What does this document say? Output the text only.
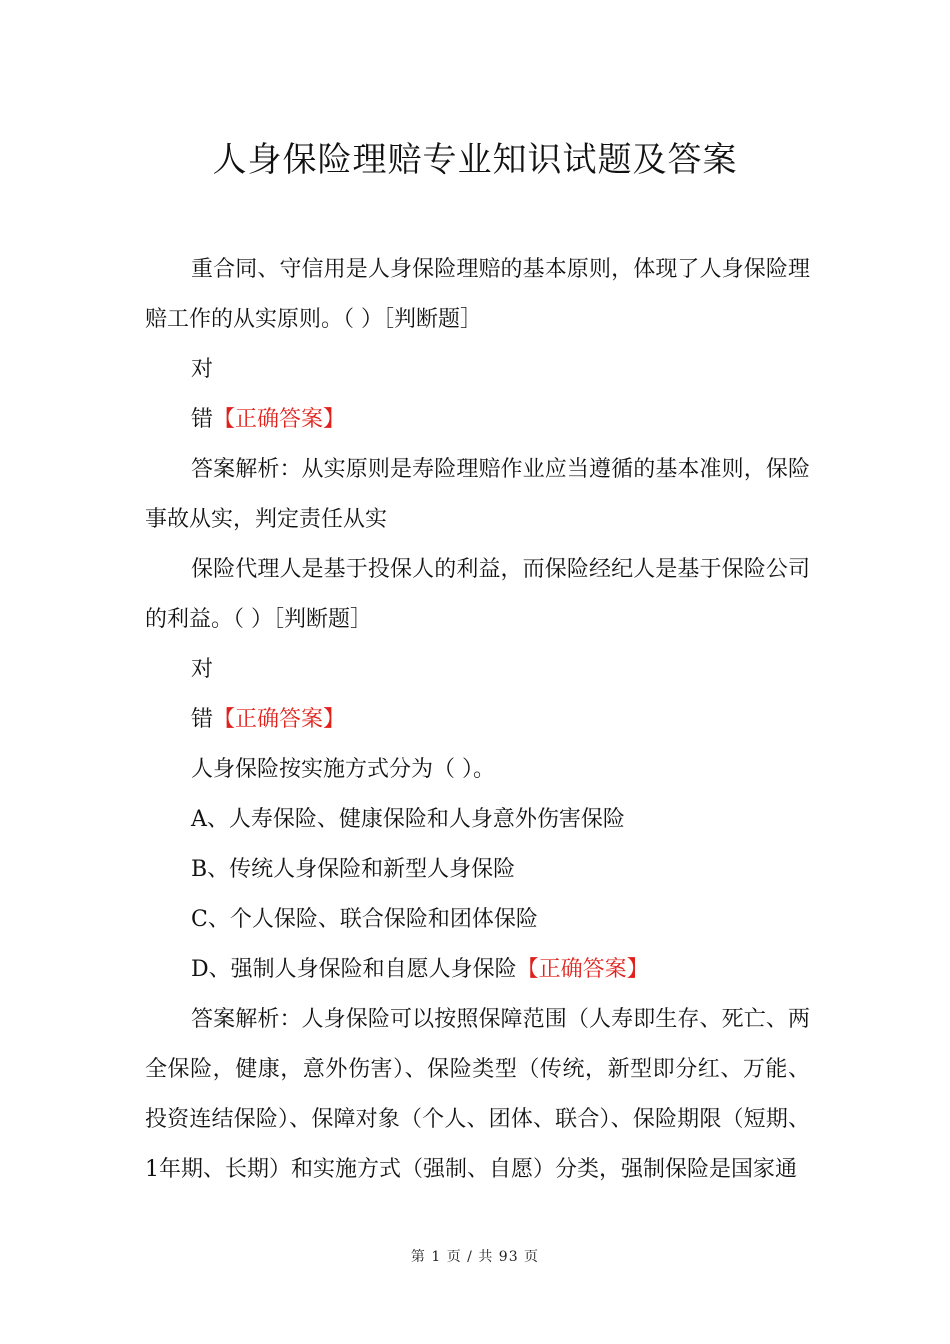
人身保险理赔专业知识试题及答案

重合同、守信用是人身保险理赔的基本原则，体现了人身保险理赔工作的从实原则。（ ）［判断题］

对

错【正确答案】

答案解析：从实原则是寿险理赔作业应当遵循的基本准则，保险事故从实，判定责任从实

保险代理人是基于投保人的利益，而保险经纪人是基于保险公司的利益。（ ）［判断题］

对

错【正确答案】

人身保险按实施方式分为（ ）。

A、人寿保险、健康保险和人身意外伤害保险

B、传统人身保险和新型人身保险

C、个人保险、联合保险和团体保险

D、强制人身保险和自愿人身保险【正确答案】

答案解析：人身保险可以按照保障范围（人寿即生存、死亡、两全保险，健康，意外伤害）、保险类型（传统，新型即分红、万能、投资连结保险）、保障对象（个人、团体、联合）、保险期限（短期、1年期、长期）和实施方式（强制、自愿）分类，强制保险是国家通

第 1 页 / 共 93 页
